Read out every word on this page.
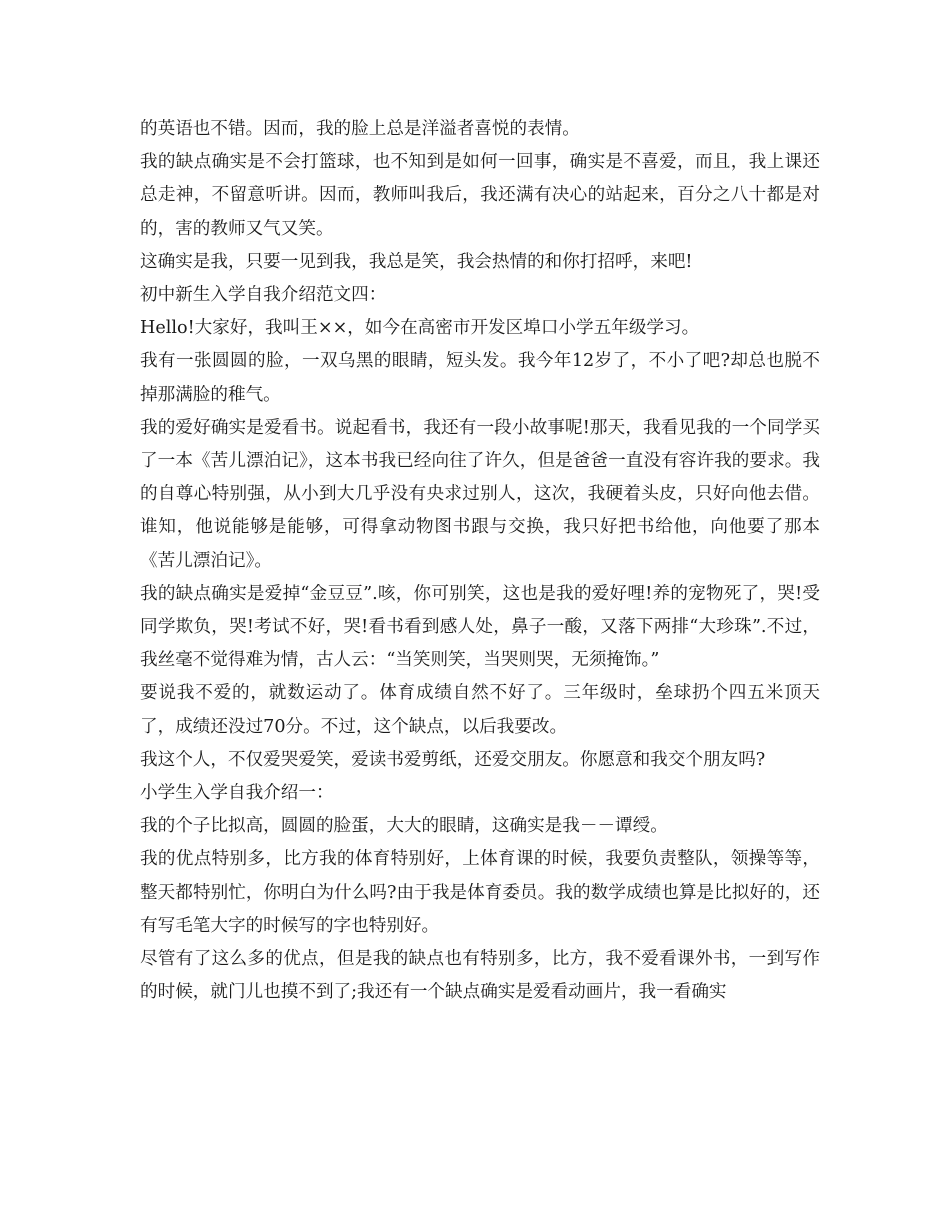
的英语也不错。因而，我的脸上总是洋溢者喜悦的表情。

我的缺点确实是不会打篮球，也不知到是如何一回事，确实是不喜爱，而且，我上课还总走神，不留意听讲。因而，教师叫我后，我还满有决心的站起来，百分之八十都是对的，害的教师又气又笑。

这确实是我，只要一见到我，我总是笑，我会热情的和你打招呼，来吧!

初中新生入学自我介绍范文四：

Hello!大家好，我叫王××，如今在高密市开发区埠口小学五年级学习。

我有一张圆圆的脸，一双乌黑的眼睛，短头发。我今年12岁了，不小了吧?却总也脱不掉那满脸的稚气。

我的爱好确实是爱看书。说起看书，我还有一段小故事呢!那天，我看见我的一个同学买了一本《苦儿漂泊记》，这本书我已经向往了许久，但是爸爸一直没有容许我的要求。我的自尊心特别强，从小到大几乎没有央求过别人，这次，我硬着头皮，只好向他去借。谁知，他说能够是能够，可得拿动物图书跟与交换，我只好把书给他，向他要了那本《苦儿漂泊记》。

我的缺点确实是爱掉“金豆豆”.咳，你可别笑，这也是我的爱好哩!养的宠物死了，哭!受同学欺负，哭!考试不好，哭!看书看到感人处，鼻子一酸，又落下两排“大珍珠”.不过，我丝毫不觉得难为情，古人云：“当笑则笑，当哭则哭，无须掩饰。”

要说我不爱的，就数运动了。体育成绩自然不好了。三年级时，垒球扔个四五米顶天了，成绩还没过70分。不过，这个缺点，以后我要改。

我这个人，不仅爱哭爱笑，爱读书爱剪纸，还爱交朋友。你愿意和我交个朋友吗?

小学生入学自我介绍一：

我的个子比拟高，圆圆的脸蛋，大大的眼睛，这确实是我－－谭绶。

我的优点特别多，比方我的体育特别好，上体育课的时候，我要负责整队，领操等等，整天都特别忙，你明白为什么吗?由于我是体育委员。我的数学成绩也算是比拟好的，还有写毛笔大字的时候写的字也特别好。

尽管有了这么多的优点，但是我的缺点也有特别多，比方，我不爱看课外书，一到写作的时候，就门儿也摸不到了;我还有一个缺点确实是爱看动画片，我一看确实
